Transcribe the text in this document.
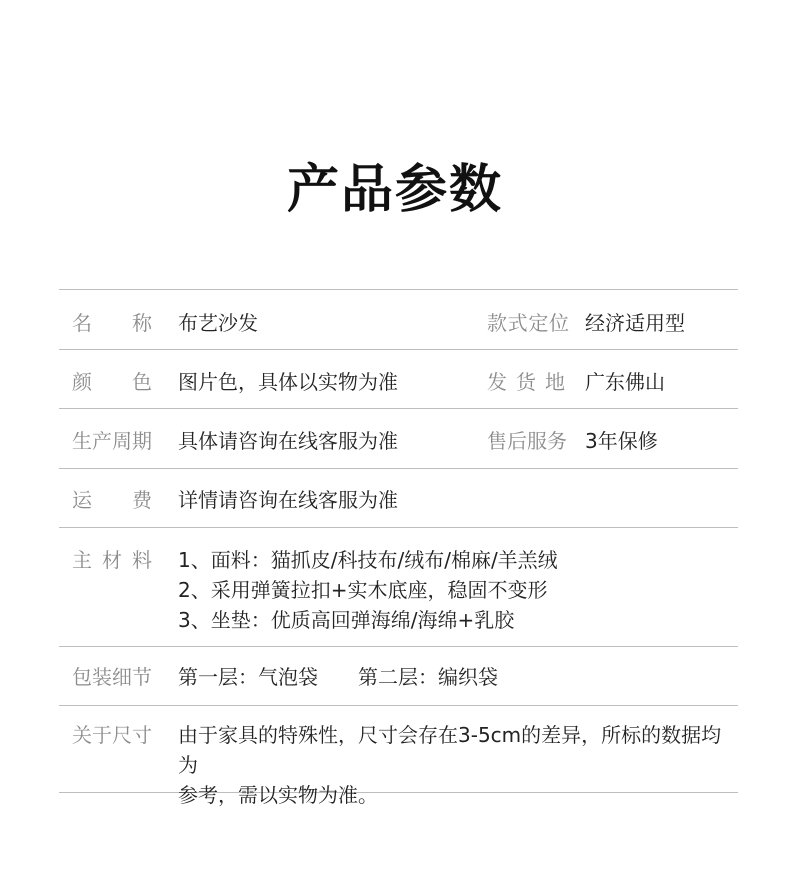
产品参数
名 称 布艺沙发	款 式 定 位 经济适用型
颜 色 图片色，具体以实物为准	发 货 地 广东佛山
生产周期 具体请咨询在线客服为准	售后服务 3年保修
运 费 详情请咨询在线客服为准
主 材 料 1、面料：猫抓皮/科技布/绒布/棉麻/羊羔绒
2、采用弹簧拉扣+实木底座，稳固不变形
3、坐垫：优质高回弹海绵/海绵+乳胶
包装细节 第一层：气泡袋 第二层：编织袋
关于尺寸 由于家具的特殊性，尺寸会存在3-5cm的差异，所标的数据均为
参考，需以实物为准。
